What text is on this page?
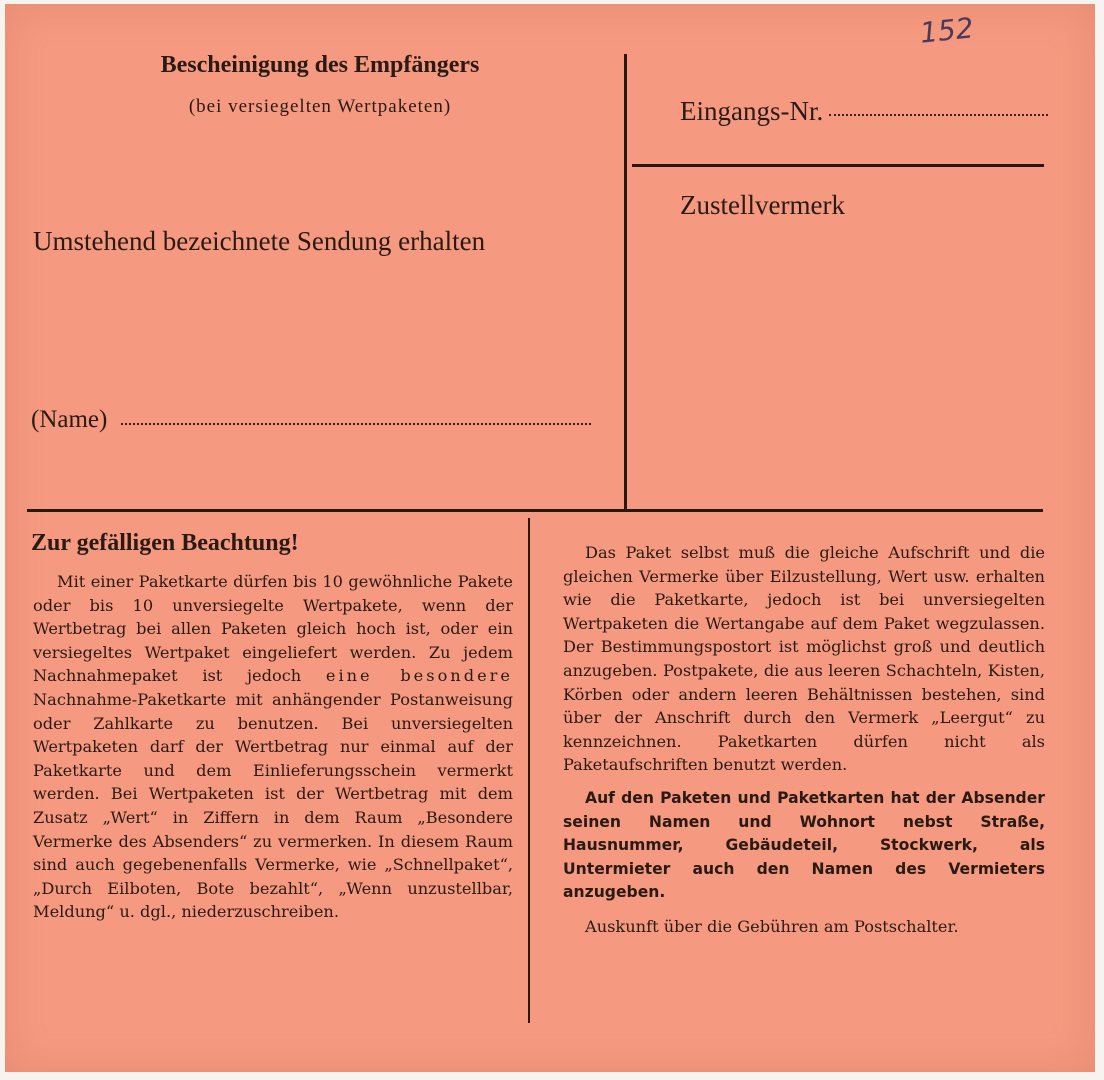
152
Bescheinigung des Empfängers
(bei versiegelten Wertpaketen)
Umstehend bezeichnete Sendung erhalten
(Name)
Eingangs-Nr.
Zustellvermerk
Zur gefälligen Beachtung!

Mit einer Paketkarte dürfen bis 10 gewöhnliche Pakete oder bis 10 unversiegelte Wertpakete, wenn der Wertbetrag bei allen Paketen gleich hoch ist, oder ein versiegeltes Wertpaket eingeliefert werden. Zu jedem Nachnahmepaket ist jedoch eine besondere Nachnahme-Paketkarte mit anhängender Postanweisung oder Zahlkarte zu benutzen. Bei unversiegelten Wertpaketen darf der Wertbetrag nur einmal auf der Paketkarte und dem Einlieferungsschein vermerkt werden. Bei Wertpaketen ist der Wertbetrag mit dem Zusatz „Wert“ in Ziffern in dem Raum „Besondere Vermerke des Absenders“ zu vermerken. In diesem Raum sind auch gegebenenfalls Vermerke, wie „Schnellpaket“, „Durch Eilboten, Bote bezahlt“, „Wenn unzustellbar, Meldung“ u. dgl., niederzuschreiben.

Das Paket selbst muß die gleiche Aufschrift und die gleichen Vermerke über Eilzustellung, Wert usw. erhalten wie die Paketkarte, jedoch ist bei unversiegelten Wertpaketen die Wertangabe auf dem Paket wegzulassen. Der Bestimmungspostort ist möglichst groß und deutlich anzugeben. Postpakete, die aus leeren Schachteln, Kisten, Körben oder andern leeren Behältnissen bestehen, sind über der Anschrift durch den Vermerk „Leergut“ zu kennzeichnen. Paketkarten dürfen nicht als Paketaufschriften benutzt werden.

Auf den Paketen und Paketkarten hat der Absender seinen Namen und Wohnort nebst Straße, Hausnummer, Gebäudeteil, Stockwerk, als Untermieter auch den Namen des Vermieters anzugeben.

Auskunft über die Gebühren am Postschalter.
